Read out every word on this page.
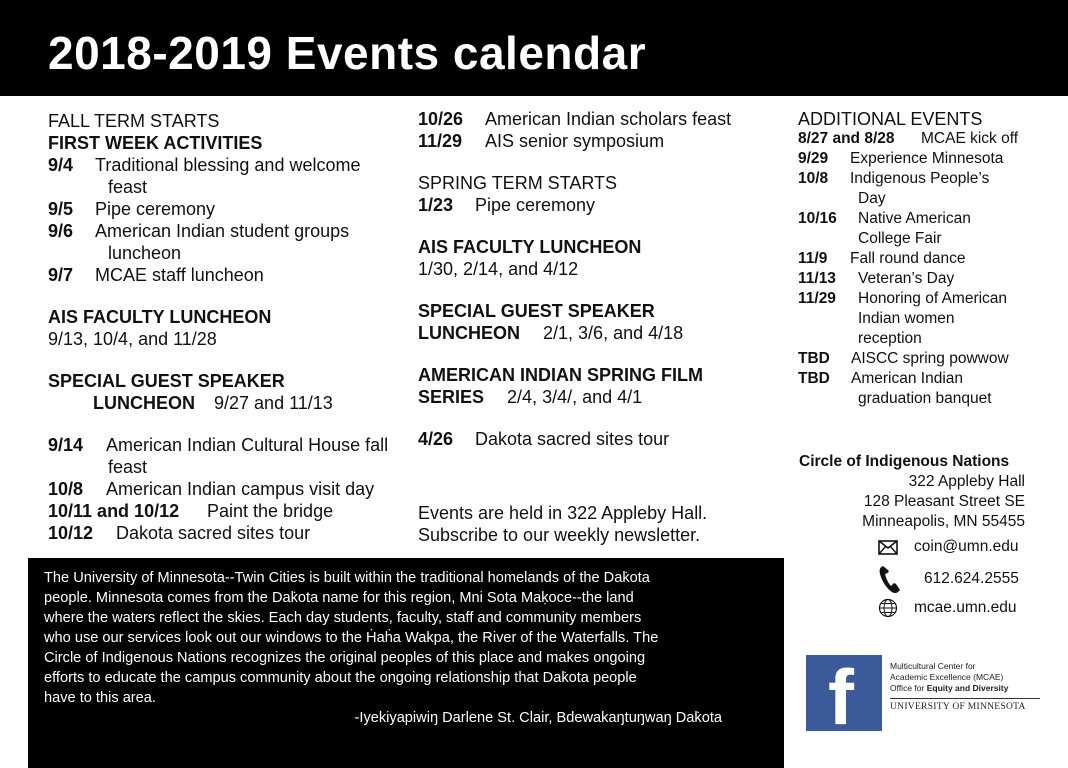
2018-2019 Events calendar
FALL TERM STARTS
FIRST WEEK ACTIVITIES
9/4	Traditional blessing and welcome
feast
9/5	Pipe ceremony
9/6	American Indian student groups
luncheon
9/7	MCAE staff luncheon
AIS FACULTY LUNCHEON
9/13, 10/4, and 11/28
SPECIAL GUEST SPEAKER
LUNCHEON 9/27 and 11/13
9/14	American Indian Cultural House fall
feast
10/8	American Indian campus visit day
10/11 and 10/12	Paint the bridge
10/12	Dakota sacred sites tour
10/26	American Indian scholars feast
11/29	AIS senior symposium
SPRING TERM STARTS
1/23	Pipe ceremony
AIS FACULTY LUNCHEON
1/30, 2/14, and 4/12
SPECIAL GUEST SPEAKER
LUNCHEON 2/1, 3/6, and 4/18
AMERICAN INDIAN SPRING FILM
SERIES 2/4, 3/4/, and 4/1
4/26	Dakota sacred sites tour
Events are held in 322 Appleby Hall.
Subscribe to our weekly newsletter.
ADDITIONAL EVENTS
8/27 and 8/28	MCAE kick off
9/29	Experience Minnesota
10/8	Indigenous People’s
Day
10/16	Native American
College Fair
11/9	Fall round dance
11/13	Veteran’s Day
11/29	Honoring of American
Indian women
reception
TBD	AISCC spring powwow
TBD	American Indian
graduation banquet
Circle of Indigenous Nations
322 Appleby Hall
128 Pleasant Street SE
Minneapolis, MN 55455
coin@umn.edu
612.624.2555
mcae.umn.edu
The University of Minnesota--Twin Cities is built within the traditional homelands of the Dak̇ota
people. Minnesota comes from the Dak̇ota name for this region, Mni Sota Maḳoce--the land
where the waters reflect the skies. Each day students, faculty, staff and community members
who use our services look out our windows to the Ḣaḣa Wakpa, the River of the Waterfalls. The
Circle of Indigenous Nations recognizes the original peoples of this place and makes ongoing
efforts to educate the campus community about the ongoing relationship that Dak̇ota people
have to this area.
-Iyekiyapiwiŋ Darlene St. Clair, Bdewakaŋtuŋwaŋ Dak̇ota f	Multicultural Center for
Academic Excellence (MCAE)
Office for Equity and Diversity
UNIVERSITY OF MINNESOTA
